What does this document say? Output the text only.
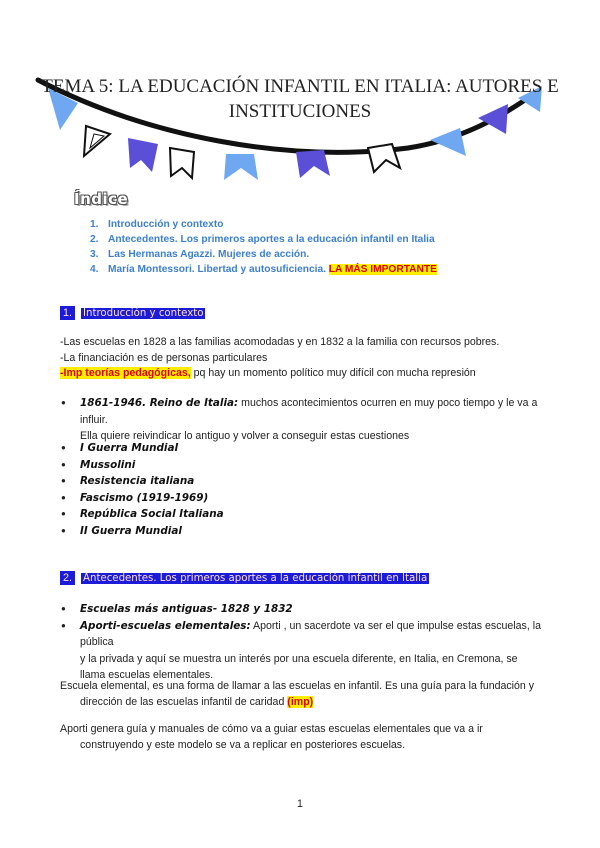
TEMA 5: LA EDUCACIÓN INFANTIL EN ITALIA: AUTORES E INSTITUCIONES
Índice
1. Introducción y contexto
2. Antecedentes. Los primeros aportes a la educación infantil en Italia
3. Las Hermanas Agazzi. Mujeres de acción.
4. María Montessori. Libertad y autosuficiencia. LA MÁS IMPORTANTE
1. Introducción y contexto
-Las escuelas en 1828 a las familias acomodadas y en 1832 a la familia con recursos pobres.
-La financiación es de personas particulares
-Imp teorías pedagógicas, pq hay un momento político muy difícil con mucha represión
● 1861-1946. Reino de Italia: muchos acontecimientos ocurren en muy poco tiempo y le va a influir.
Ella quiere reivindicar lo antiguo y volver a conseguir estas cuestiones
● I Guerra Mundial
● Mussolini
● Resistencia italiana
● Fascismo (1919-1969)
● República Social Italiana
● II Guerra Mundial
2. Antecedentes. Los primeros aportes a la educación infantil en Italia
● Escuelas más antiguas- 1828 y 1832
● Aporti-escuelas elementales: Aporti , un sacerdote va ser el que impulse estas escuelas, la pública
y la privada y aquí se muestra un interés por una escuela diferente, en Italia, en Cremona, se
llama escuelas elementales.
Escuela elemental, es una forma de llamar a las escuelas en infantil. Es una guía para la fundación y
dirección de las escuelas infantil de caridad (imp)
Aporti genera guía y manuales de cómo va a guiar estas escuelas elementales que va a ir
construyendo y este modelo se va a replicar en posteriores escuelas.
1
